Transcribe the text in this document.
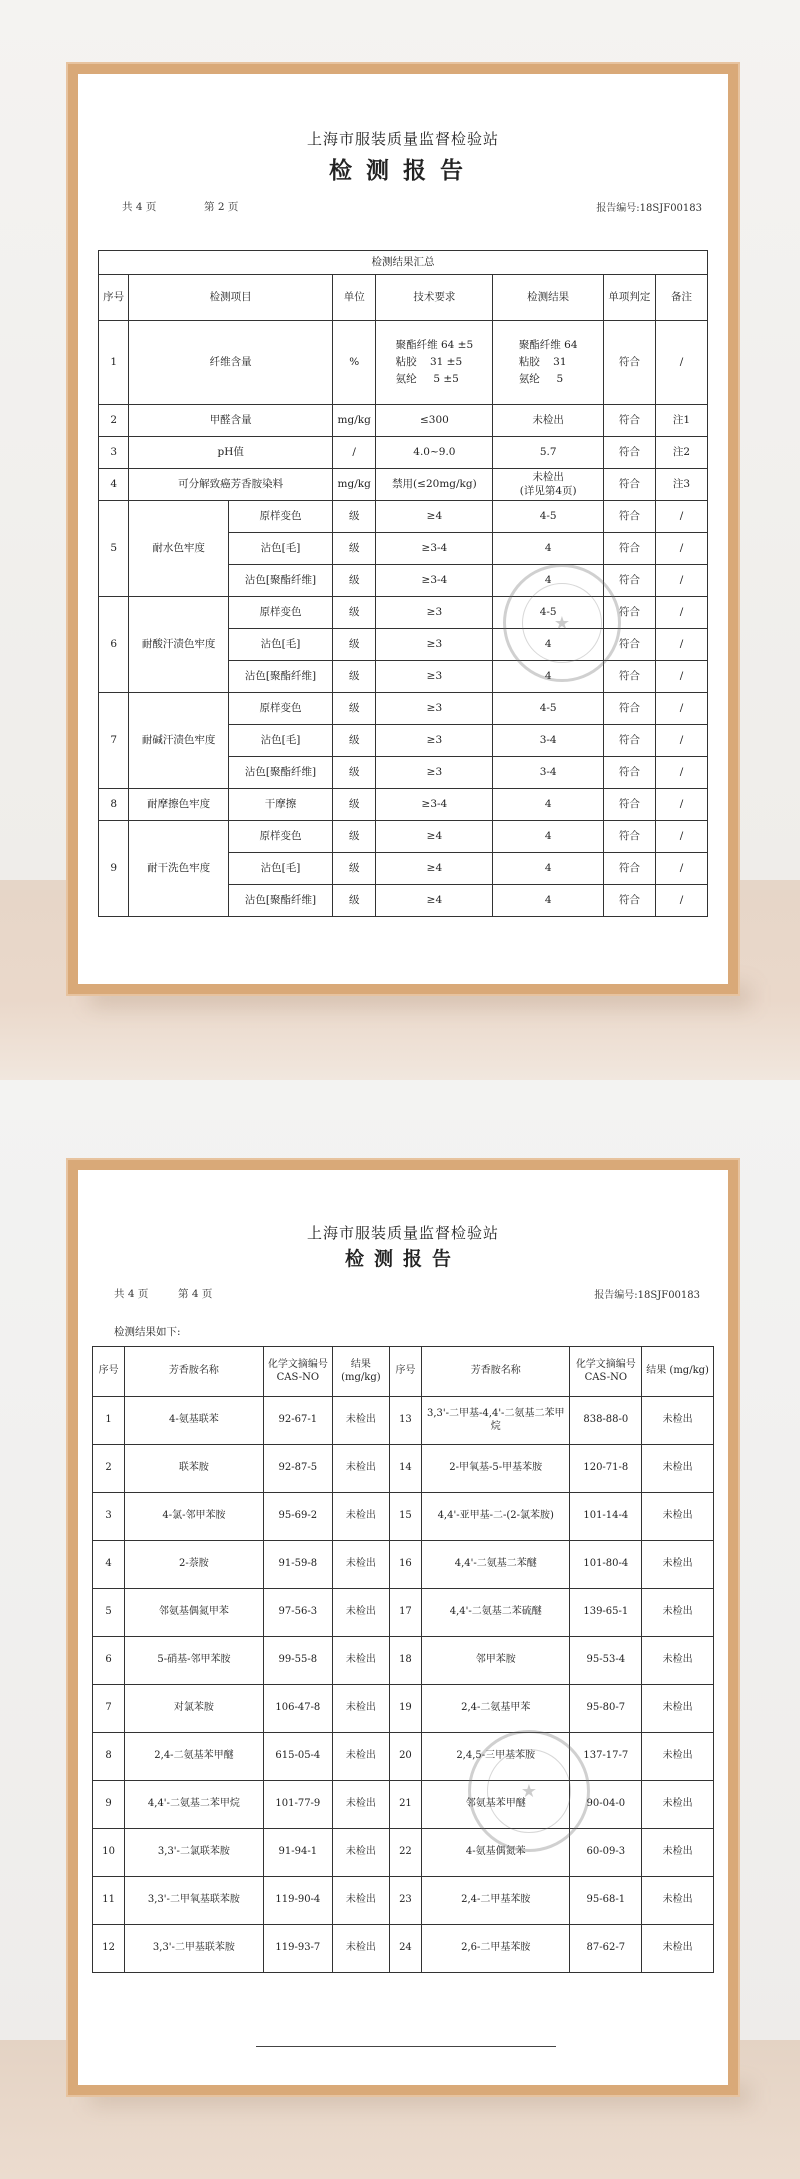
上海市服装质量监督检验站
检测报告
共 4 页	第 2 页	报告编号:18SJF00183
检测结果汇总							
序号	检测项目		单位	技术要求	检测结果	单项判定	备注
1	纤维含量		%	聚酯纤维 64 ±5
粘胶    31 ±5
氨纶     5 ±5	聚酯纤维 64
粘胶    31
氨纶     5	符合	/
2	甲醛含量		mg/kg	≤300	未检出	符合	注1
3	pH值		/	4.0~9.0	5.7	符合	注2
4	可分解致癌芳香胺染料		mg/kg	禁用(≤20mg/kg)	未检出
(详见第4页)	符合	注3
5	耐水色牢度	原样变色	级	≥4	4-5	符合	/
		沾色[毛]	级	≥3-4	4	符合	/
		沾色[聚酯纤维]	级	≥3-4	4	符合	/
6	耐酸汗渍色牢度	原样变色	级	≥3	4-5	符合	/
		沾色[毛]	级	≥3	4	符合	/
		沾色[聚酯纤维]	级	≥3	4	符合	/
7	耐碱汗渍色牢度	原样变色	级	≥3	4-5	符合	/
		沾色[毛]	级	≥3	3-4	符合	/
		沾色[聚酯纤维]	级	≥3	3-4	符合	/
8	耐摩擦色牢度	干摩擦	级	≥3-4	4	符合	/
9	耐干洗色牢度	原样变色	级	≥4	4	符合	/
		沾色[毛]	级	≥4	4	符合	/
		沾色[聚酯纤维]	级	≥4	4	符合	/
★
上海市服装质量监督检验站
检测报告
共 4 页	第 4 页	报告编号:18SJF00183
检测结果如下:
序号	芳香胺名称	化学文摘编号 CAS-NO	结果 (mg/kg)	序号	芳香胺名称	化学文摘编号 CAS-NO	结果 (mg/kg)
1	4-氨基联苯	92-67-1	未检出	13	3,3'-二甲基-4,4'-二氨基二苯甲烷	838-88-0	未检出
2	联苯胺	92-87-5	未检出	14	2-甲氧基-5-甲基苯胺	120-71-8	未检出
3	4-氯-邻甲苯胺	95-69-2	未检出	15	4,4'-亚甲基-二-(2-氯苯胺)	101-14-4	未检出
4	2-萘胺	91-59-8	未检出	16	4,4'-二氨基二苯醚	101-80-4	未检出
5	邻氨基偶氮甲苯	97-56-3	未检出	17	4,4'-二氨基二苯硫醚	139-65-1	未检出
6	5-硝基-邻甲苯胺	99-55-8	未检出	18	邻甲苯胺	95-53-4	未检出
7	对氯苯胺	106-47-8	未检出	19	2,4-二氨基甲苯	95-80-7	未检出
8	2,4-二氨基苯甲醚	615-05-4	未检出	20	2,4,5-三甲基苯胺	137-17-7	未检出
9	4,4'-二氨基二苯甲烷	101-77-9	未检出	21	邻氨基苯甲醚	90-04-0	未检出
10	3,3'-二氯联苯胺	91-94-1	未检出	22	4-氨基偶氮苯	60-09-3	未检出
11	3,3'-二甲氧基联苯胺	119-90-4	未检出	23	2,4-二甲基苯胺	95-68-1	未检出
12	3,3'-二甲基联苯胺	119-93-7	未检出	24	2,6-二甲基苯胺	87-62-7	未检出
★
